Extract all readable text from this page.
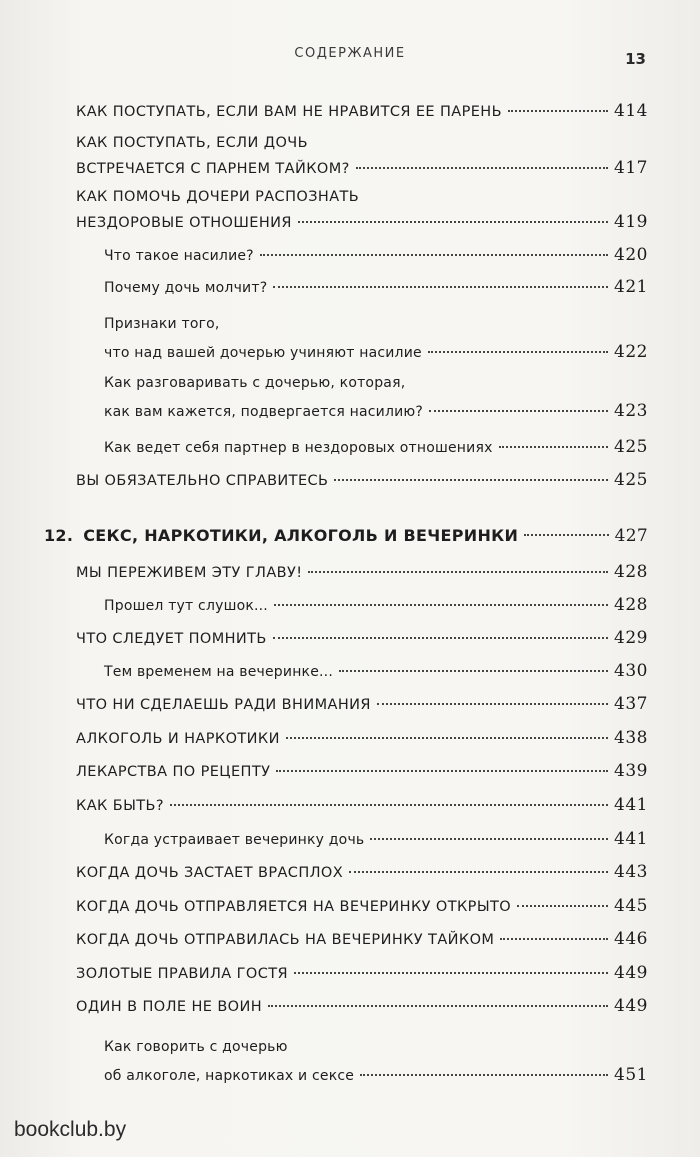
СОДЕРЖАНИЕ	13
КАК ПОСТУПАТЬ, ЕСЛИ ВАМ НЕ НРАВИТСЯ ЕЕ ПАРЕНЬ	414
КАК ПОСТУПАТЬ, ЕСЛИ ДОЧЬ
ВСТРЕЧАЕТСЯ С ПАРНЕМ ТАЙКОМ?	417
КАК ПОМОЧЬ ДОЧЕРИ РАСПОЗНАТЬ
НЕЗДОРОВЫЕ ОТНОШЕНИЯ	419
Что такое насилие?	420
Почему дочь молчит?	421
Признаки того,
что над вашей дочерью учиняют насилие	422
Как разговаривать с дочерью, которая,
как вам кажется, подвергается насилию?	423
Как ведет себя партнер в нездоровых отношениях	425
ВЫ ОБЯЗАТЕЛЬНО СПРАВИТЕСЬ	425
12. СЕКС, НАРКОТИКИ, АЛКОГОЛЬ И ВЕЧЕРИНКИ	427
МЫ ПЕРЕЖИВЕМ ЭТУ ГЛАВУ!	428
Прошел тут слушок...	428
ЧТО СЛЕДУЕТ ПОМНИТЬ	429
Тем временем на вечеринке...	430
ЧТО НИ СДЕЛАЕШЬ РАДИ ВНИМАНИЯ	437
АЛКОГОЛЬ И НАРКОТИКИ	438
ЛЕКАРСТВА ПО РЕЦЕПТУ	439
КАК БЫТЬ?	441
Когда устраивает вечеринку дочь	441
КОГДА ДОЧЬ ЗАСТАЕТ ВРАСПЛОХ	443
КОГДА ДОЧЬ ОТПРАВЛЯЕТСЯ НА ВЕЧЕРИНКУ ОТКРЫТО	445
КОГДА ДОЧЬ ОТПРАВИЛАСЬ НА ВЕЧЕРИНКУ ТАЙКОМ	446
ЗОЛОТЫЕ ПРАВИЛА ГОСТЯ	449
ОДИН В ПОЛЕ НЕ ВОИН	449
Как говорить с дочерью
об алкоголе, наркотиках и сексе	451
bookclub.by
